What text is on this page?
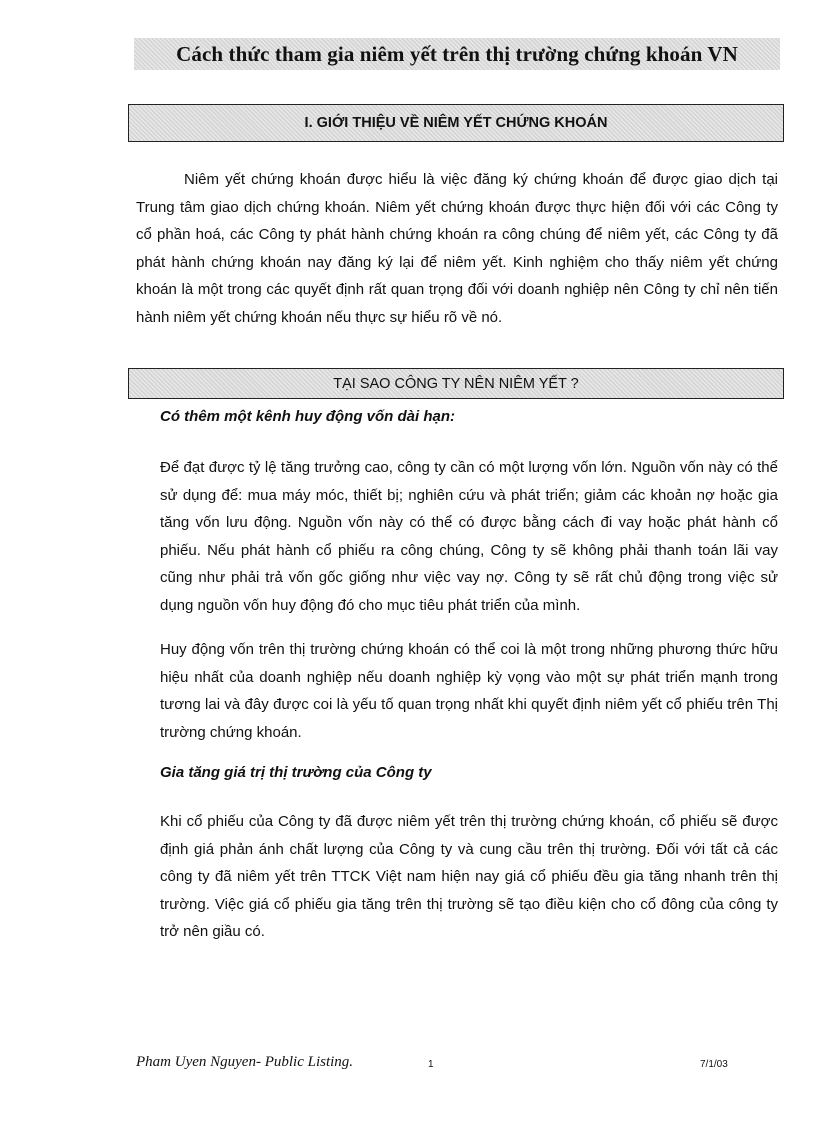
Cách thức tham gia niêm yết trên thị trường chứng khoán VN
I. GIỚI THIỆU VỀ NIÊM YẾT CHỨNG KHOÁN

Niêm yết chứng khoán được hiểu là việc đăng ký chứng khoán để được giao dịch tại Trung tâm giao dịch chứng khoán. Niêm yết chứng khoán được thực hiện đối với các Công ty cổ phần hoá, các Công ty phát hành chứng khoán ra công chúng để niêm yết, các Công ty đã phát hành chứng khoán nay đăng ký lại để niêm yết. Kinh nghiệm cho thấy niêm yết chứng khoán là một trong các quyết định rất quan trọng đối với doanh nghiệp nên Công ty chỉ nên tiến hành niêm yết chứng khoán nếu thực sự hiểu rõ về nó.

TẠI SAO CÔNG TY NÊN NIÊM YẾT ?

Có thêm một kênh huy động vốn dài hạn:

Để đạt được tỷ lệ tăng trưởng cao, công ty cần có một lượng vốn lớn. Nguồn vốn này có thể sử dụng để: mua máy móc, thiết bị; nghiên cứu và phát triển; giảm các khoản nợ hoặc gia tăng vốn lưu động. Nguồn vốn này có thể có được bằng cách đi vay hoặc phát hành cổ phiếu. Nếu phát hành cổ phiếu ra công chúng, Công ty sẽ không phải thanh toán lãi vay cũng như phải trả vốn gốc giống như việc vay nợ. Công ty sẽ rất chủ động trong việc sử dụng nguồn vốn huy động đó cho mục tiêu phát triển của mình.

Huy động vốn trên thị trường chứng khoán có thể coi là một trong những phương thức hữu hiệu nhất của doanh nghiệp nếu doanh nghiệp kỳ vọng vào một sự phát triển mạnh trong tương lai và đây được coi là yếu tố quan trọng nhất khi quyết định niêm yết cổ phiếu trên Thị trường chứng khoán.

Gia tăng giá trị thị trường của Công ty

Khi cổ phiếu của Công ty đã được niêm yết trên thị trường chứng khoán, cổ phiếu sẽ được định giá phản ánh chất lượng của Công ty và cung cầu trên thị trường. Đối với tất cả các công ty đã niêm yết trên TTCK Việt nam hiện nay giá cổ phiếu đều gia tăng nhanh trên thị trường. Việc giá cổ phiếu gia tăng trên thị trường sẽ tạo điều kiện cho cổ đông của công ty trở nên giầu có.

Pham Uyen Nguyen- Public Listing.	1	7/1/03
